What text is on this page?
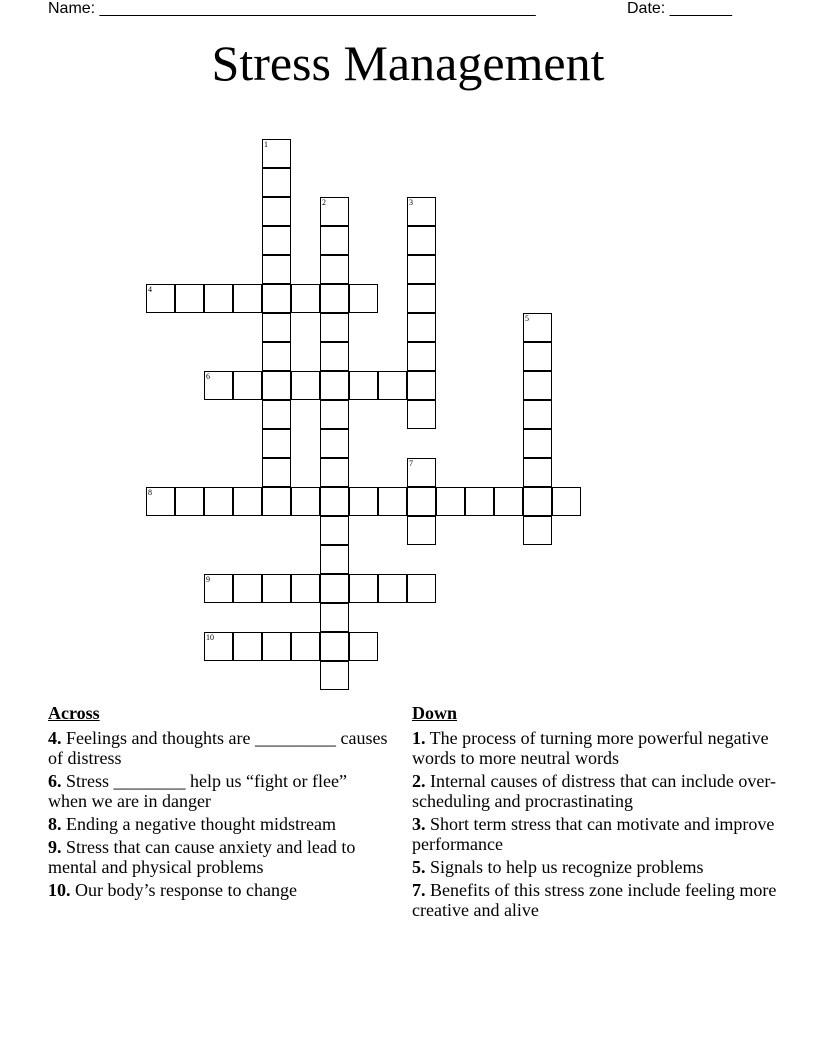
Name: _________________________________________________	Date: _______
Stress Management
1
2	3
4
5
6
7
8
9
10
Across
4. Feelings and thoughts are _________ causes of distress
6. Stress ________ help us “fight or flee” when we are in danger
8. Ending a negative thought midstream
9. Stress that can cause anxiety and lead to mental and physical problems
10. Our body’s response to change
Down
1. The process of turning more powerful negative words to more neutral words
2. Internal causes of distress that can include over-scheduling and procrastinating
3. Short term stress that can motivate and improve performance
5. Signals to help us recognize problems
7. Benefits of this stress zone include feeling more creative and alive
